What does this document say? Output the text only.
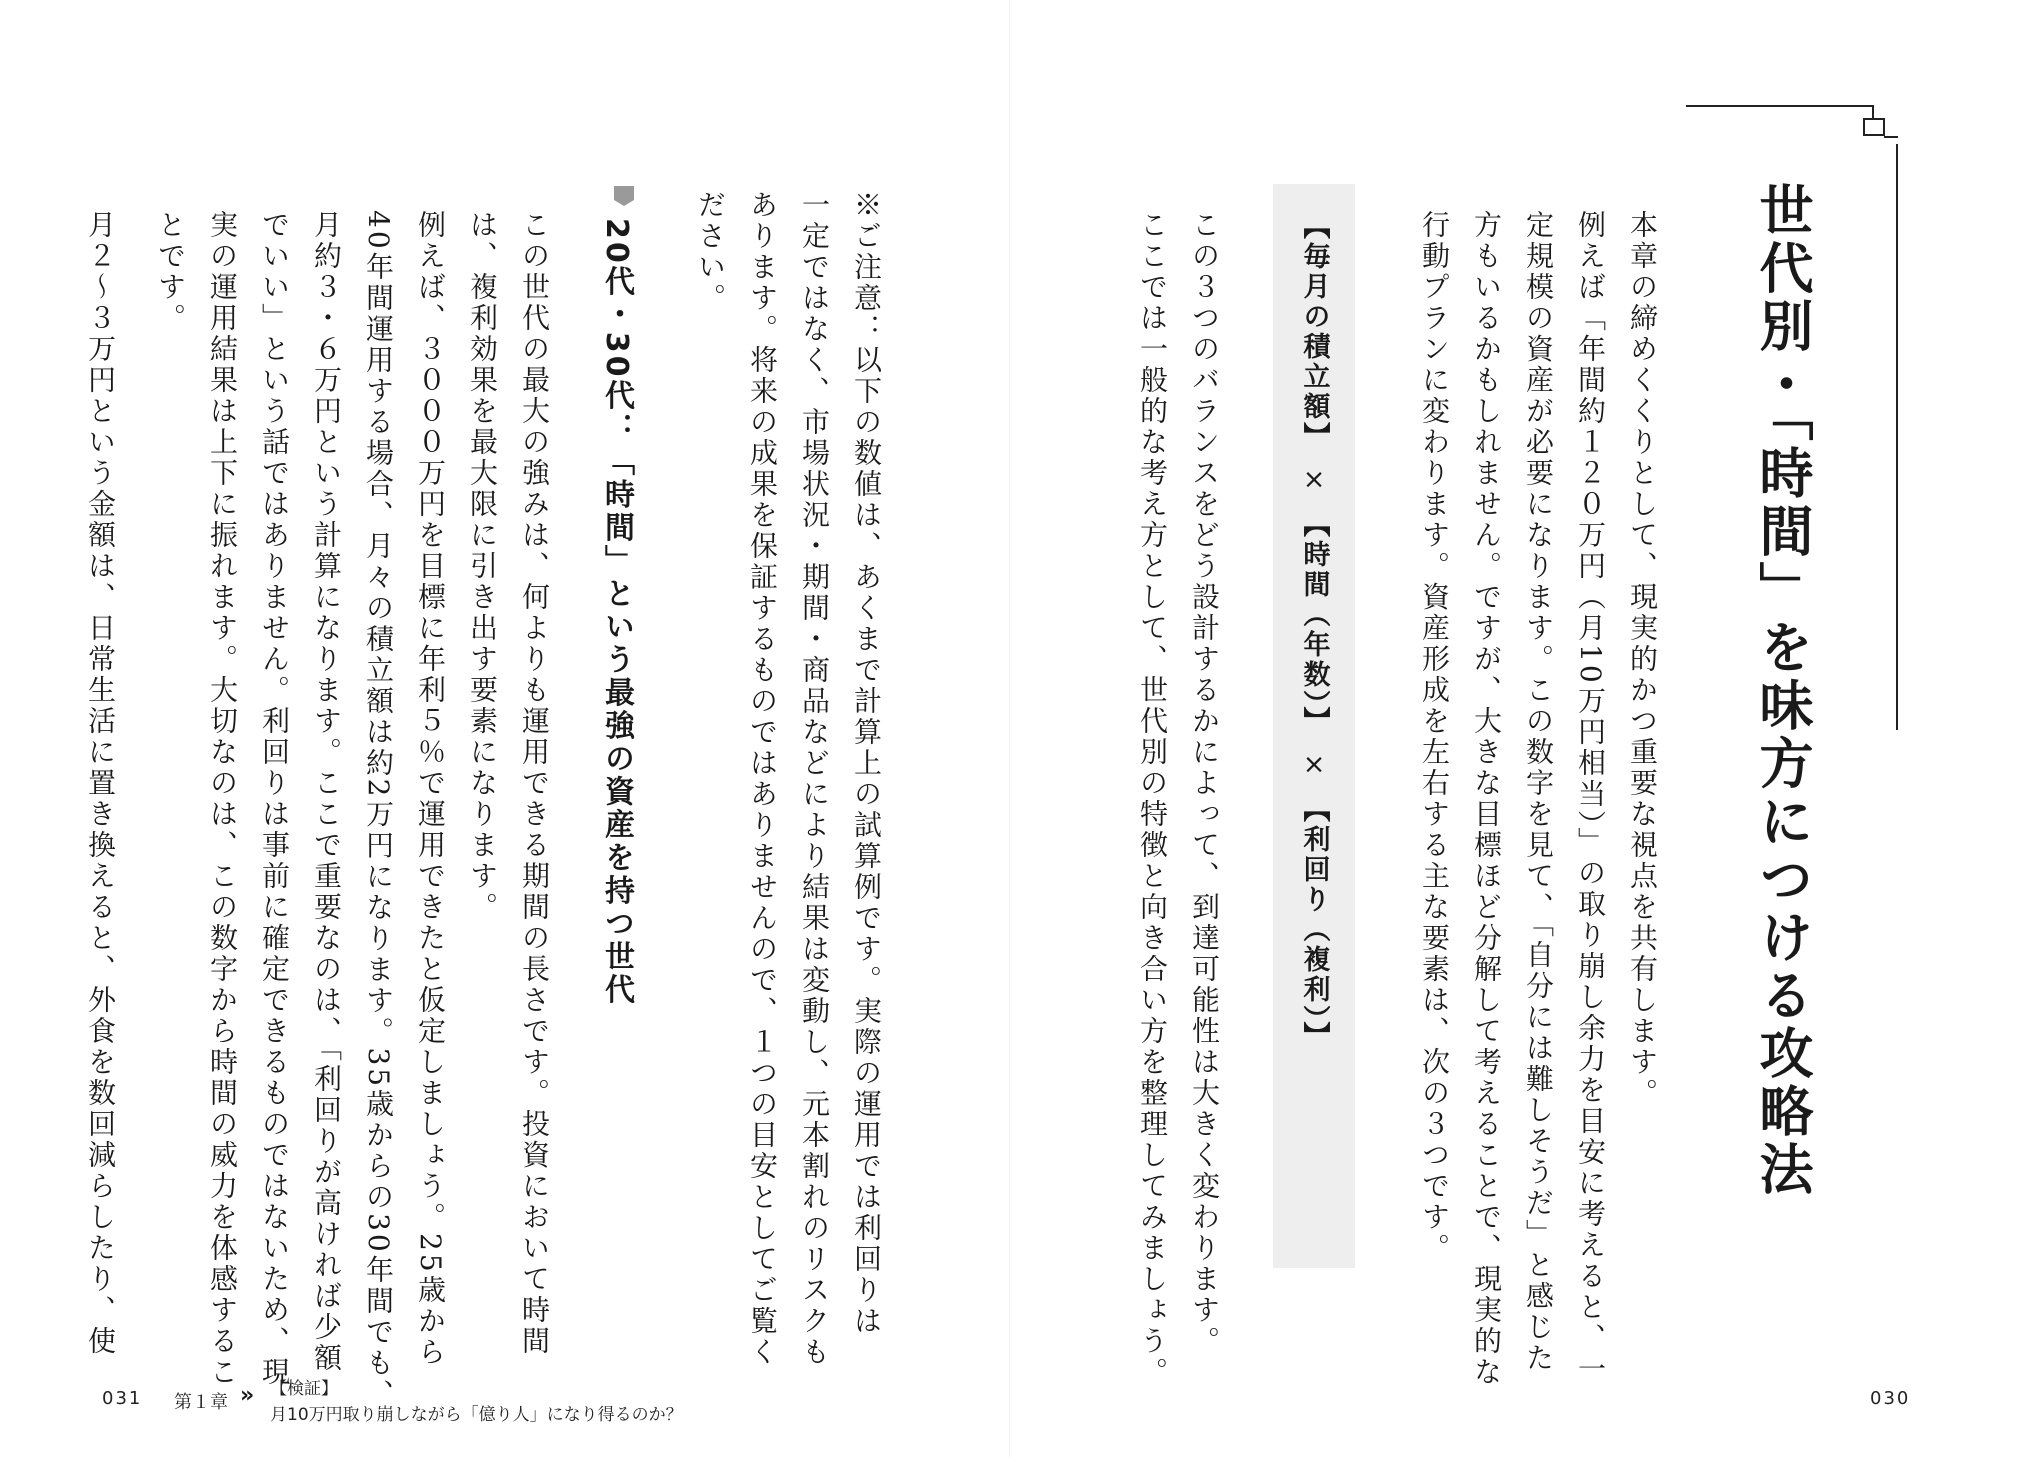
世代別・「時間」を味方につける攻略法

本章の締めくくりとして、現実的かつ重要な視点を共有します。

例えば「年間約１２０万円（月10万円相当）」の取り崩し余力を目安に考えると、一

定規模の資産が必要になります。この数字を見て、「自分には難しそうだ」と感じた

方もいるかもしれません。ですが、大きな目標ほど分解して考えることで、現実的な

行動プランに変わります。資産形成を左右する主な要素は、次の３つです。

【毎月の積立額】
×
【時間（年数）】
×
【利回り（複利）】

この３つのバランスをどう設計するかによって、到達可能性は大きく変わります。

ここでは一般的な考え方として、世代別の特徴と向き合い方を整理してみましょう。

※ご注意：以下の数値は、あくまで計算上の試算例です。実際の運用では利回りは

一定ではなく、市場状況・期間・商品などにより結果は変動し、元本割れのリスクも

あります。将来の成果を保証するものではありませんので、１つの目安としてご覧く

ださい。

20代・30代：「時間」という最強の資産を持つ世代

この世代の最大の強みは、何よりも運用できる期間の長さです。投資において時間

は、複利効果を最大限に引き出す要素になります。

例えば、３０００万円を目標に年利５％で運用できたと仮定しましょう。25歳から

40年間運用する場合、月々の積立額は約2万円になります。35歳からの30年間でも、

月約３・６万円という計算になります。ここで重要なのは、「利回りが高ければ少額

でいい」という話ではありません。利回りは事前に確定できるものではないため、現

実の運用結果は上下に振れます。大切なのは、この数字から時間の威力を体感するこ

とです。

月２〜３万円という金額は、日常生活に置き換えると、外食を数回減らしたり、使

031 第１章 » 【検証】
月10万円取り崩しながら「億り人」になり得るのか？
030
